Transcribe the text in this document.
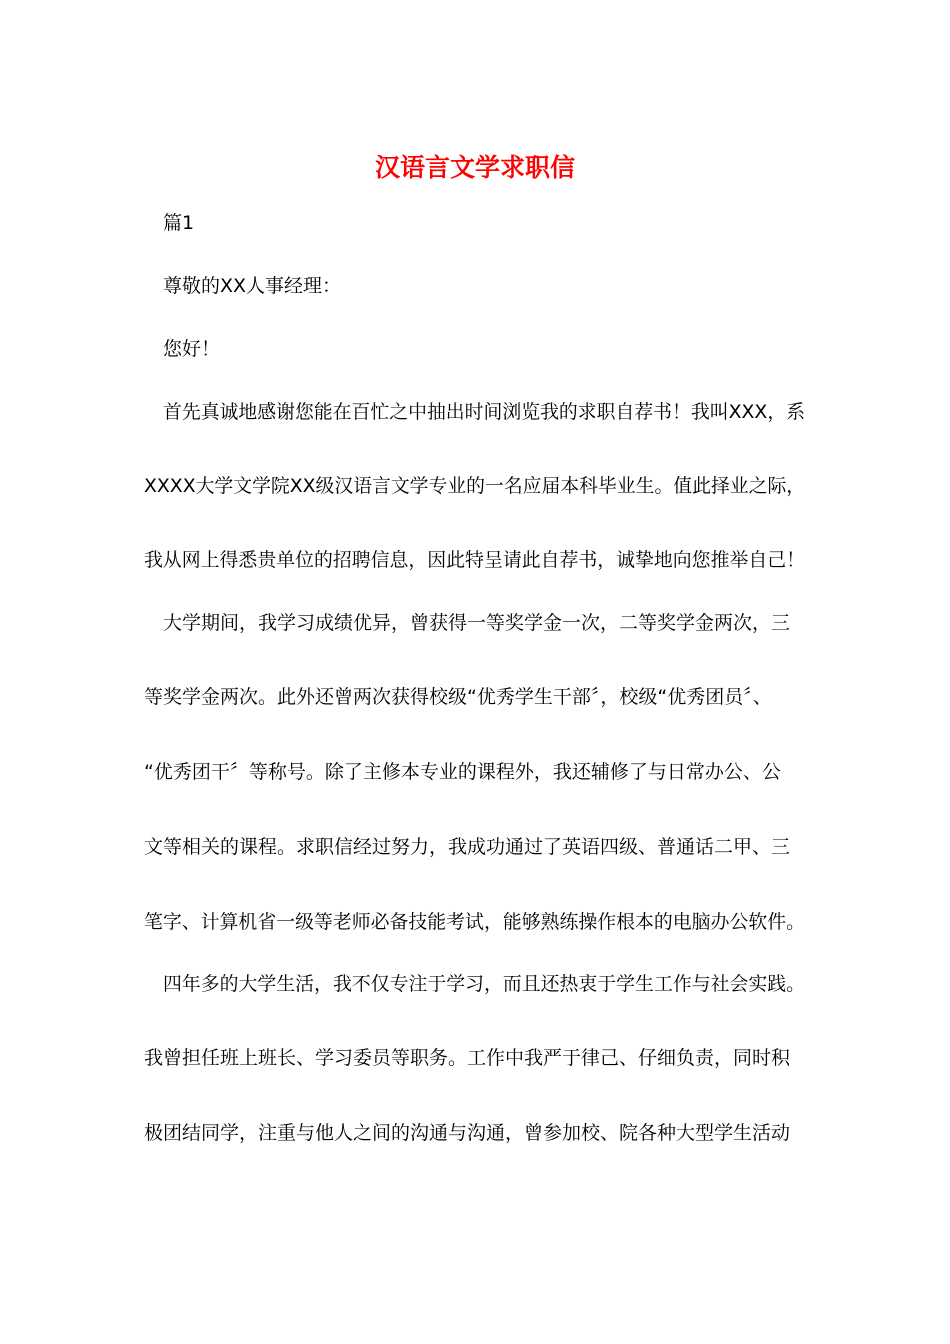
汉语言文学求职信
篇1
尊敬的XX人事经理：
您好！
首先真诚地感谢您能在百忙之中抽出时间浏览我的求职自荐书！我叫XXX，系
XXXX大学文学院XX级汉语言文学专业的一名应届本科毕业生。值此择业之际，
我从网上得悉贵单位的招聘信息，因此特呈请此自荐书，诚挚地向您推举自己！
大学期间，我学习成绩优异，曾获得一等奖学金一次，二等奖学金两次，三
等奖学金两次。此外还曾两次获得校级“优秀学生干部〞，校级“优秀团员〞、
“优秀团干〞等称号。除了主修本专业的课程外，我还辅修了与日常办公、公
文等相关的课程。求职信经过努力，我成功通过了英语四级、普通话二甲、三
笔字、计算机省一级等老师必备技能考试，能够熟练操作根本的电脑办公软件。
四年多的大学生活，我不仅专注于学习，而且还热衷于学生工作与社会实践。
我曾担任班上班长、学习委员等职务。工作中我严于律己、仔细负责，同时积
极团结同学，注重与他人之间的沟通与沟通，曾参加校、院各种大型学生活动
